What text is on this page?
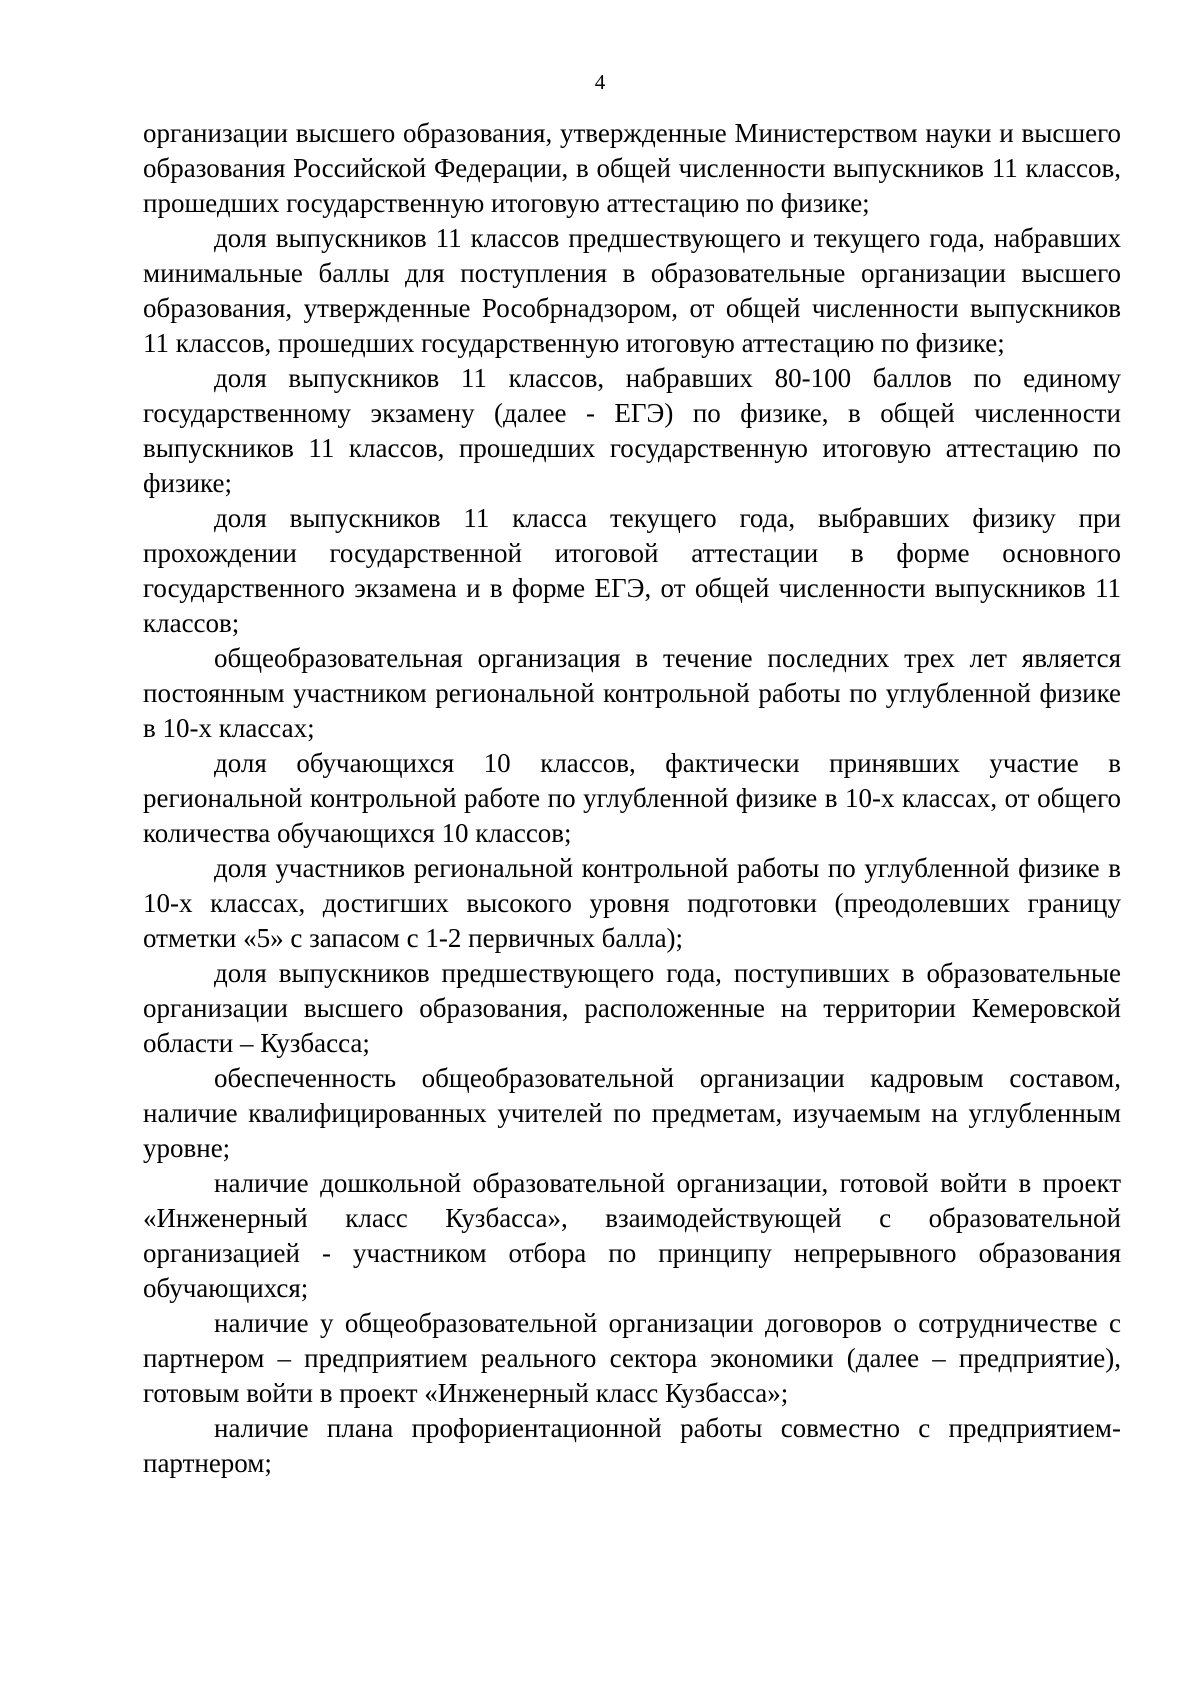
4

организации высшего образования, утвержденные Министерством науки и высшего образования Российской Федерации, в общей численности выпускников 11 классов, прошедших государственную итоговую аттестацию по физике;

доля выпускников 11 классов предшествующего и текущего года, набравших минимальные баллы для поступления в образовательные организации высшего образования, утвержденные Рособрнадзором, от общей численности выпускников 11 классов, прошедших государственную итоговую аттестацию по физике;

доля выпускников 11 классов, набравших 80-100 баллов по единому государственному экзамену (далее - ЕГЭ) по физике, в общей численности выпускников 11 классов, прошедших государственную итоговую аттестацию по физике;

доля выпускников 11 класса текущего года, выбравших физику при прохождении государственной итоговой аттестации в форме основного государственного экзамена и в форме ЕГЭ, от общей численности выпускников 11 классов;

общеобразовательная организация в течение последних трех лет является постоянным участником региональной контрольной работы по углубленной физике в 10-х классах;

доля обучающихся 10 классов, фактически принявших участие в региональной контрольной работе по углубленной физике в 10-х классах, от общего количества обучающихся 10 классов;

доля участников региональной контрольной работы по углубленной физике в 10-х классах, достигших высокого уровня подготовки (преодолевших границу отметки «5» с запасом с 1-2 первичных балла);

доля выпускников предшествующего года, поступивших в образовательные организации высшего образования, расположенные на территории Кемеровской области – Кузбасса;

обеспеченность общеобразовательной организации кадровым составом, наличие квалифицированных учителей по предметам, изучаемым на углубленным уровне;

наличие дошкольной образовательной организации, готовой войти в проект «Инженерный класс Кузбасса», взаимодействующей с образовательной организацией - участником отбора по принципу непрерывного образования обучающихся;

наличие у общеобразовательной организации договоров о сотрудничестве с партнером – предприятием реального сектора экономики (далее – предприятие), готовым войти в проект «Инженерный класс Кузбасса»;

наличие плана профориентационной работы совместно с предприятием-партнером;
